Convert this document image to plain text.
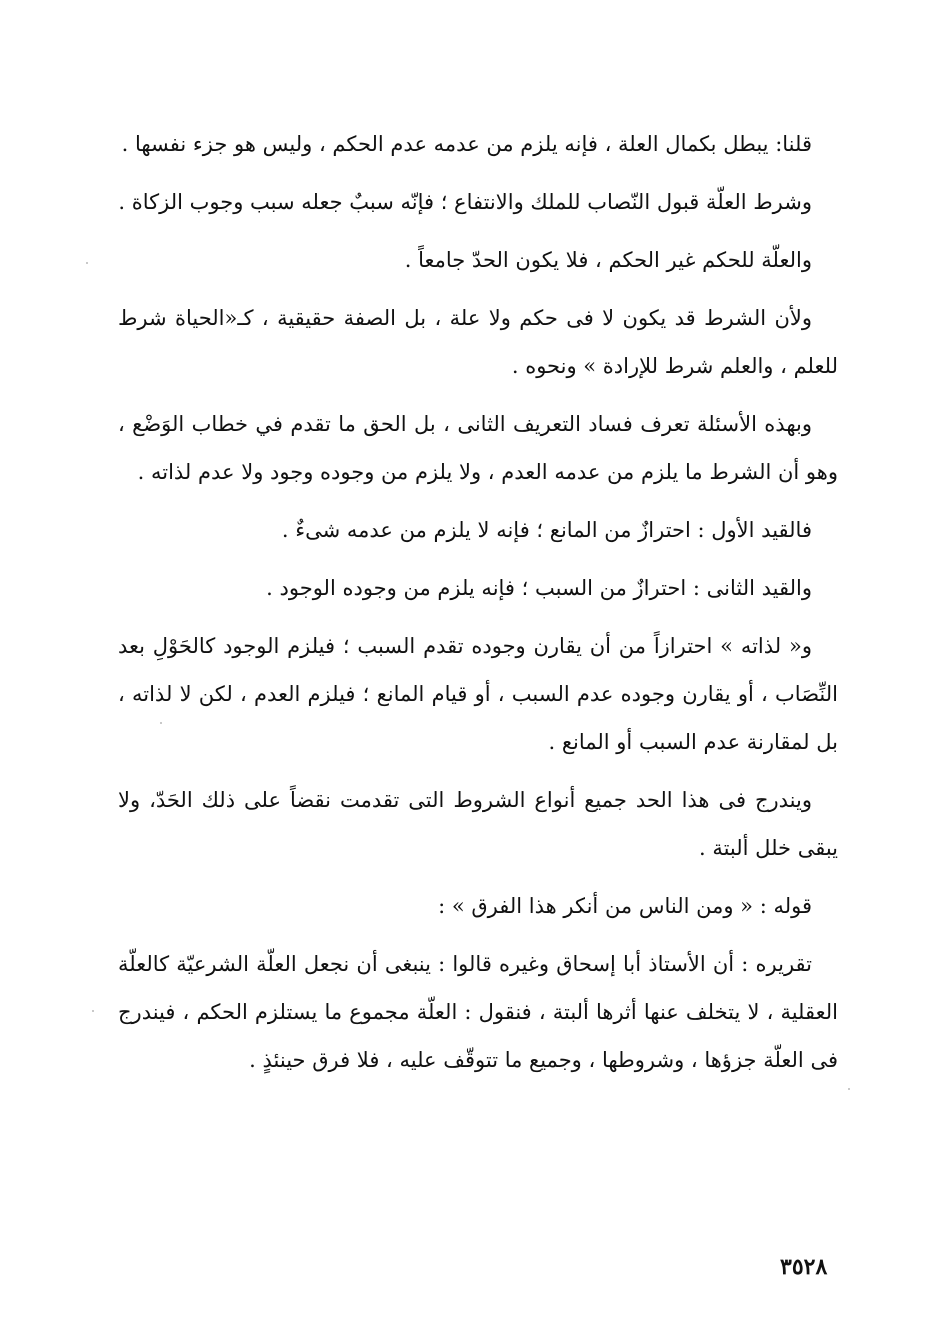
قلنا: يبطل بكمال العلة ، فإنه يلزم من عدمه عدم الحكم ، وليس هو جزء نفسها .

وشرط العلّة قبول النّصاب للملك والانتفاع ؛ فإنّه سببٌ جعله سبب وجوب الزكاة .

والعلّة للحكم غير الحكم ، فلا يكون الحدّ جامعاً .

ولأن الشرط قد يكون لا فى حكم ولا علة ، بل الصفة حقيقية ، كـ«الحياة شرط للعلم ، والعلم شرط للإرادة » ونحوه .

وبهذه الأسئلة تعرف فساد التعريف الثانى ، بل الحق ما تقدم في خطاب الوَضْع ، وهو أن الشرط ما يلزم من عدمه العدم ، ولا يلزم من وجوده وجود ولا عدم لذاته .

فالقيد الأول : احترازٌ من المانع ؛ فإنه لا يلزم من عدمه شىءٌ .

والقيد الثانى : احترازٌ من السبب ؛ فإنه يلزم من وجوده الوجود .

و« لذاته » احترازاً من أن يقارن وجوده تقدم السبب ؛ فيلزم الوجود كالحَوْلِ بعد النِّصَاب ، أو يقارن وجوده عدم السبب ، أو قيام المانع ؛ فيلزم العدم ، لكن لا لذاته ، بل لمقارنة عدم السبب أو المانع .

ويندرج فى هذا الحد جميع أنواع الشروط التى تقدمت نقضاً على ذلك الحَدّ، ولا يبقى خلل ألبتة .

قوله : « ومن الناس من أنكر هذا الفرق » :

تقريره : أن الأستاذ أبا إسحاق وغيره قالوا : ينبغى أن نجعل العلّة الشرعيّة كالعلّة العقلية ، لا يتخلف عنها أثرها ألبتة ، فنقول : العلّة مجموع ما يستلزم الحكم ، فيندرج فى العلّة جزؤها ، وشروطها ، وجميع ما تتوقّف عليه ، فلا فرق حينئذٍ .

٣٥٢٨
